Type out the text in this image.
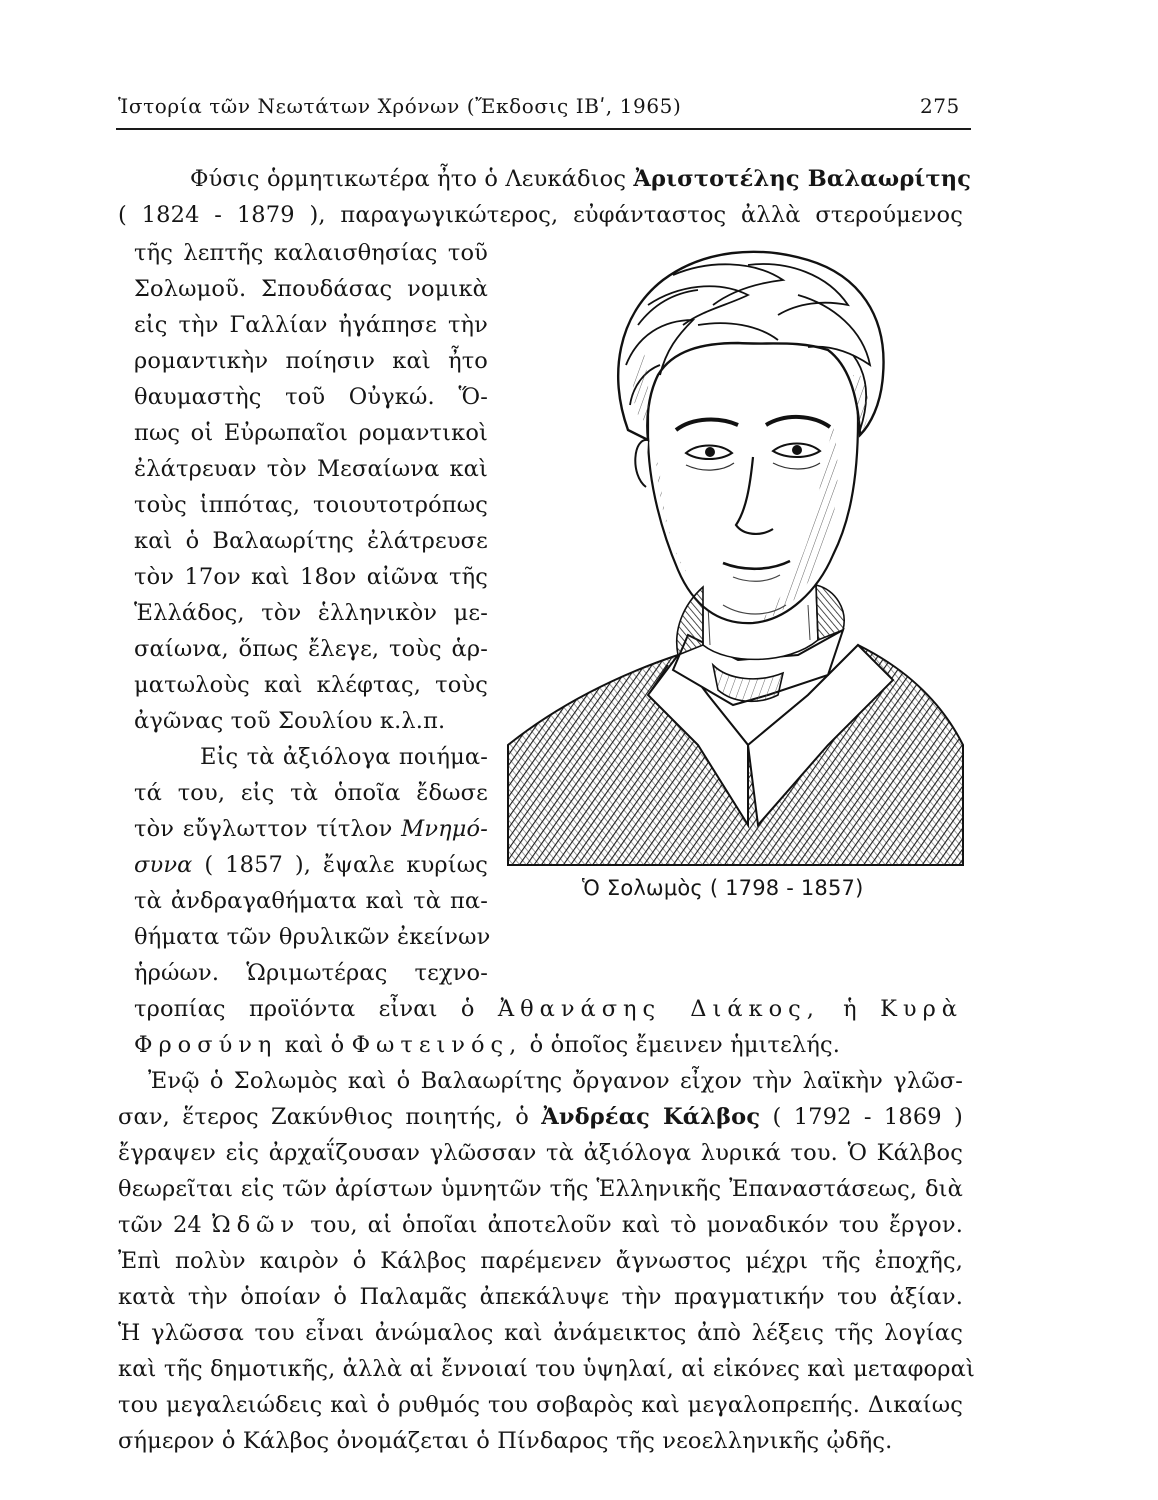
Ἱστορία τῶν Νεωτάτων Χρόνων (Ἔκδοσις ΙΒʹ, 1965)	275
Φύσις ὁρμητικωτέρα ἦτο ὁ Λευκάδιος Ἀριστοτέλης Βαλαωρίτης
( 1824 - 1879 ), παραγωγικώτερος, εὐφάνταστος ἀλλὰ στερούμενος
τῆς λεπτῆς καλαισθησίας τοῦ
Σολωμοῦ. Σπουδάσας νομικὰ
εἰς τὴν Γαλλίαν ἠγάπησε τὴν
ρομαντικὴν ποίησιν καὶ ἦτο
θαυμαστὴς τοῦ Οὐγκώ. Ὅ-
πως οἱ Εὐρωπαῖοι ρομαντικοὶ
ἐλάτρευαν τὸν Μεσαίωνα καὶ
τοὺς ἱππότας, τοιουτοτρόπως
καὶ ὁ Βαλαωρίτης ἐλάτρευσε
τὸν 17ον καὶ 18ον αἰῶνα τῆς
Ἑλλάδος, τὸν ἑλληνικὸν με-
σαίωνα, ὅπως ἔλεγε, τοὺς ἁρ-
ματωλοὺς καὶ κλέφτας, τοὺς
ἀγῶνας τοῦ Σουλίου κ.λ.π.
Εἰς τὰ ἀξιόλογα ποιήμα-
τά του, εἰς τὰ ὁποῖα ἔδωσε
τὸν εὔγλωττον τίτλον Μνημό-
συνα ( 1857 ), ἔψαλε κυρίως
τὰ ἀνδραγαθήματα καὶ τὰ πα-
θήματα τῶν θρυλικῶν ἐκείνων
ἡρώων. Ὡριμωτέρας τεχνο-
τροπίας προϊόντα εἶναι ὁ Ἀθανάσης Διάκος, ἡ Κυρὰ
Φροσύνη καὶ ὁ Φωτεινός, ὁ ὁποῖος ἔμεινεν ἡμιτελής.
Ἐνῷ ὁ Σολωμὸς καὶ ὁ Βαλαωρίτης ὄργανον εἶχον τὴν λαϊκὴν γλῶσ-
σαν, ἕτερος Ζακύνθιος ποιητής, ὁ Ἀνδρέας Κάλβος ( 1792 - 1869 )
ἔγραψεν εἰς ἀρχαΐζουσαν γλῶσσαν τὰ ἀξιόλογα λυρικά του. Ὁ Κάλβος
θεωρεῖται εἰς τῶν ἀρίστων ὑμνητῶν τῆς Ἑλληνικῆς Ἐπαναστάσεως, διὰ
τῶν 24 Ὠδῶν του, αἱ ὁποῖαι ἀποτελοῦν καὶ τὸ μοναδικόν του ἔργον.
Ἐπὶ πολὺν καιρὸν ὁ Κάλβος παρέμενεν ἄγνωστος μέχρι τῆς ἐποχῆς,
κατὰ τὴν ὁποίαν ὁ Παλαμᾶς ἀπεκάλυψε τὴν πραγματικήν του ἀξίαν.
Ἡ γλῶσσα του εἶναι ἀνώμαλος καὶ ἀνάμεικτος ἀπὸ λέξεις τῆς λογίας
καὶ τῆς δημοτικῆς, ἀλλὰ αἱ ἔννοιαί του ὑψηλαί, αἱ εἰκόνες καὶ μεταφοραὶ
του μεγαλειώδεις καὶ ὁ ρυθμός του σοβαρὸς καὶ μεγαλοπρεπής. Δικαίως
σήμερον ὁ Κάλβος ὀνομάζεται ὁ Πίνδαρος τῆς νεοελληνικῆς ᾠδῆς.
Ὁ Σολωμὸς ( 1798 - 1857)
